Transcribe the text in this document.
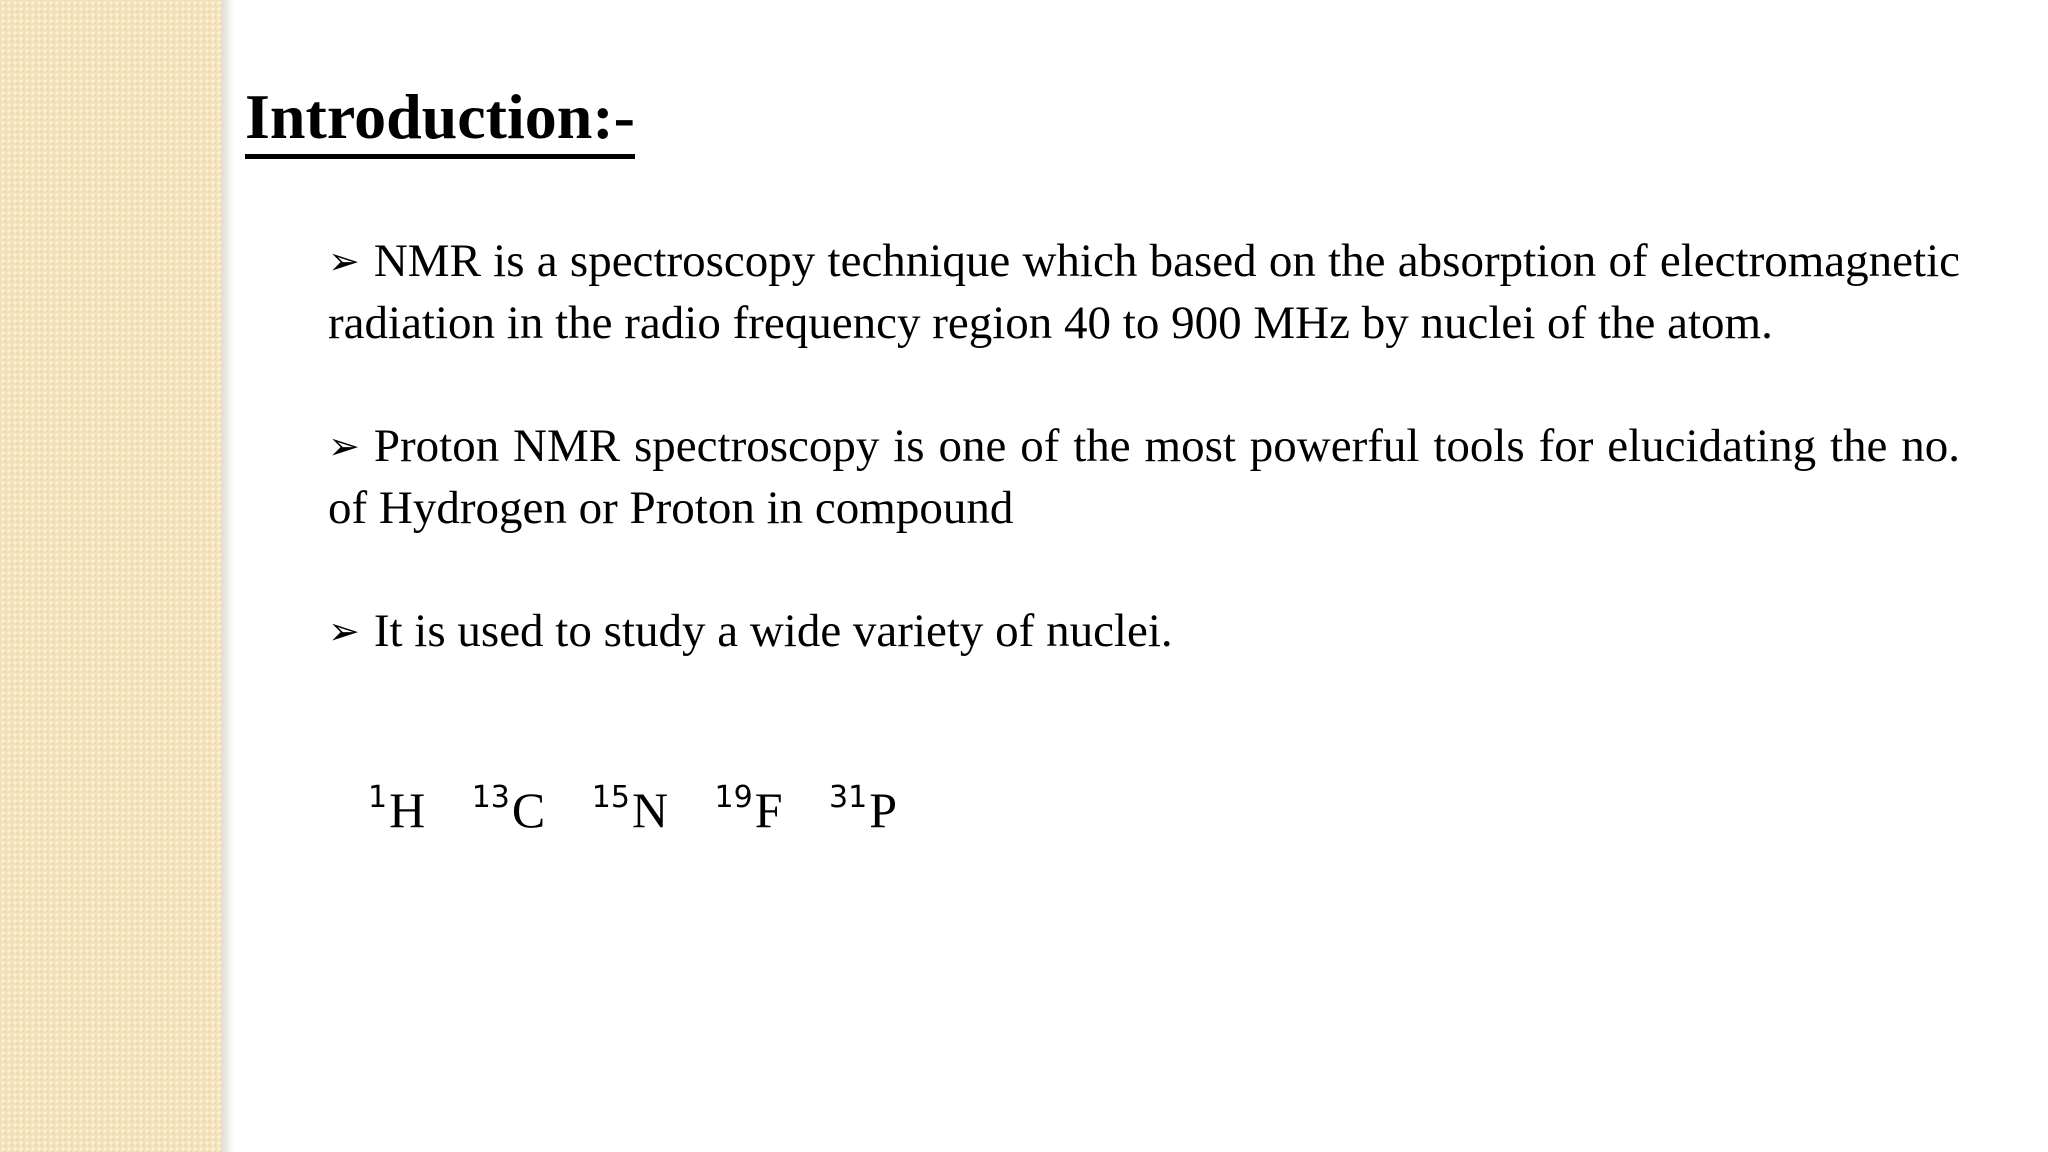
Introduction:-

➢ NMR is a spectroscopy technique which based on the absorption of electromagnetic radiation in the radio frequency region 40 to 900 MHz by nuclei of the atom.

➢ Proton NMR spectroscopy is one of the most powerful tools for elucidating the no. of Hydrogen or Proton in compound

➢ It is used to study a wide variety of nuclei.

$^1$H $^{13}$C $^{15}$N $^{19}$F $^{31}$P
